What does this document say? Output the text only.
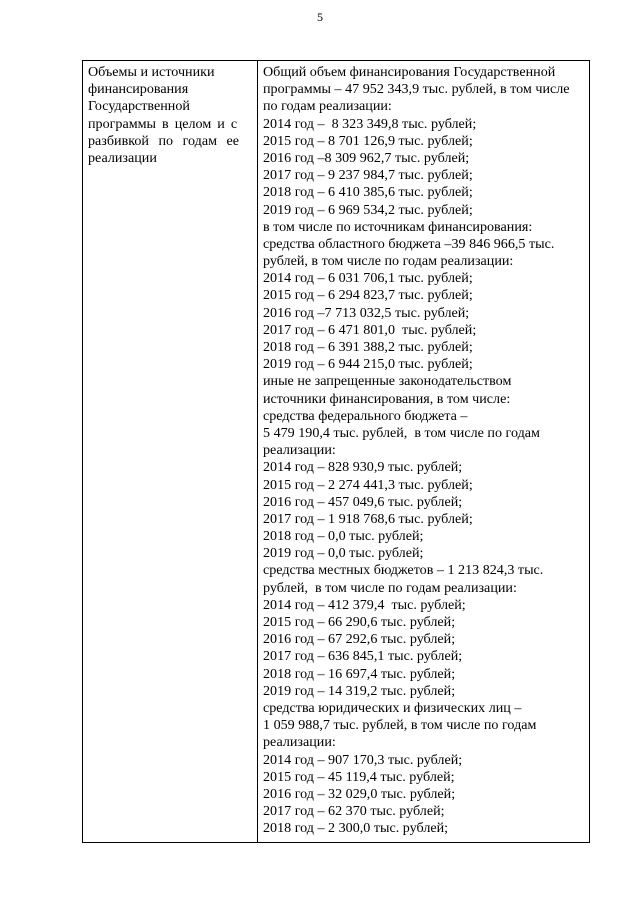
5
Объемы и источники
финансирования
Государственной
программы в целом и с
разбивкой по годам ее
реализации
Общий объем финансирования Государственной
программы – 47 952 343,9 тыс. рублей, в том числе
по годам реализации:
2014 год –  8 323 349,8 тыс. рублей;
2015 год – 8 701 126,9 тыс. рублей;
2016 год –8 309 962,7 тыс. рублей;
2017 год – 9 237 984,7 тыс. рублей;
2018 год – 6 410 385,6 тыс. рублей;
2019 год – 6 969 534,2 тыс. рублей;
в том числе по источникам финансирования:
средства областного бюджета –39 846 966,5 тыс.
рублей, в том числе по годам реализации:
2014 год – 6 031 706,1 тыс. рублей;
2015 год – 6 294 823,7 тыс. рублей;
2016 год –7 713 032,5 тыс. рублей;
2017 год – 6 471 801,0  тыс. рублей;
2018 год – 6 391 388,2 тыс. рублей;
2019 год – 6 944 215,0 тыс. рублей;
иные не запрещенные законодательством
источники финансирования, в том числе:
средства федерального бюджета –
5 479 190,4 тыс. рублей,  в том числе по годам
реализации:
2014 год – 828 930,9 тыс. рублей;
2015 год – 2 274 441,3 тыс. рублей;
2016 год – 457 049,6 тыс. рублей;
2017 год – 1 918 768,6 тыс. рублей;
2018 год – 0,0 тыс. рублей;
2019 год – 0,0 тыс. рублей;
средства местных бюджетов – 1 213 824,3 тыс.
рублей,  в том числе по годам реализации:
2014 год – 412 379,4  тыс. рублей;
2015 год – 66 290,6 тыс. рублей;
2016 год – 67 292,6 тыс. рублей;
2017 год – 636 845,1 тыс. рублей;
2018 год – 16 697,4 тыс. рублей;
2019 год – 14 319,2 тыс. рублей;
средства юридических и физических лиц –
1 059 988,7 тыс. рублей, в том числе по годам
реализации:
2014 год – 907 170,3 тыс. рублей;
2015 год – 45 119,4 тыс. рублей;
2016 год – 32 029,0 тыс. рублей;
2017 год – 62 370 тыс. рублей;
2018 год – 2 300,0 тыс. рублей;
